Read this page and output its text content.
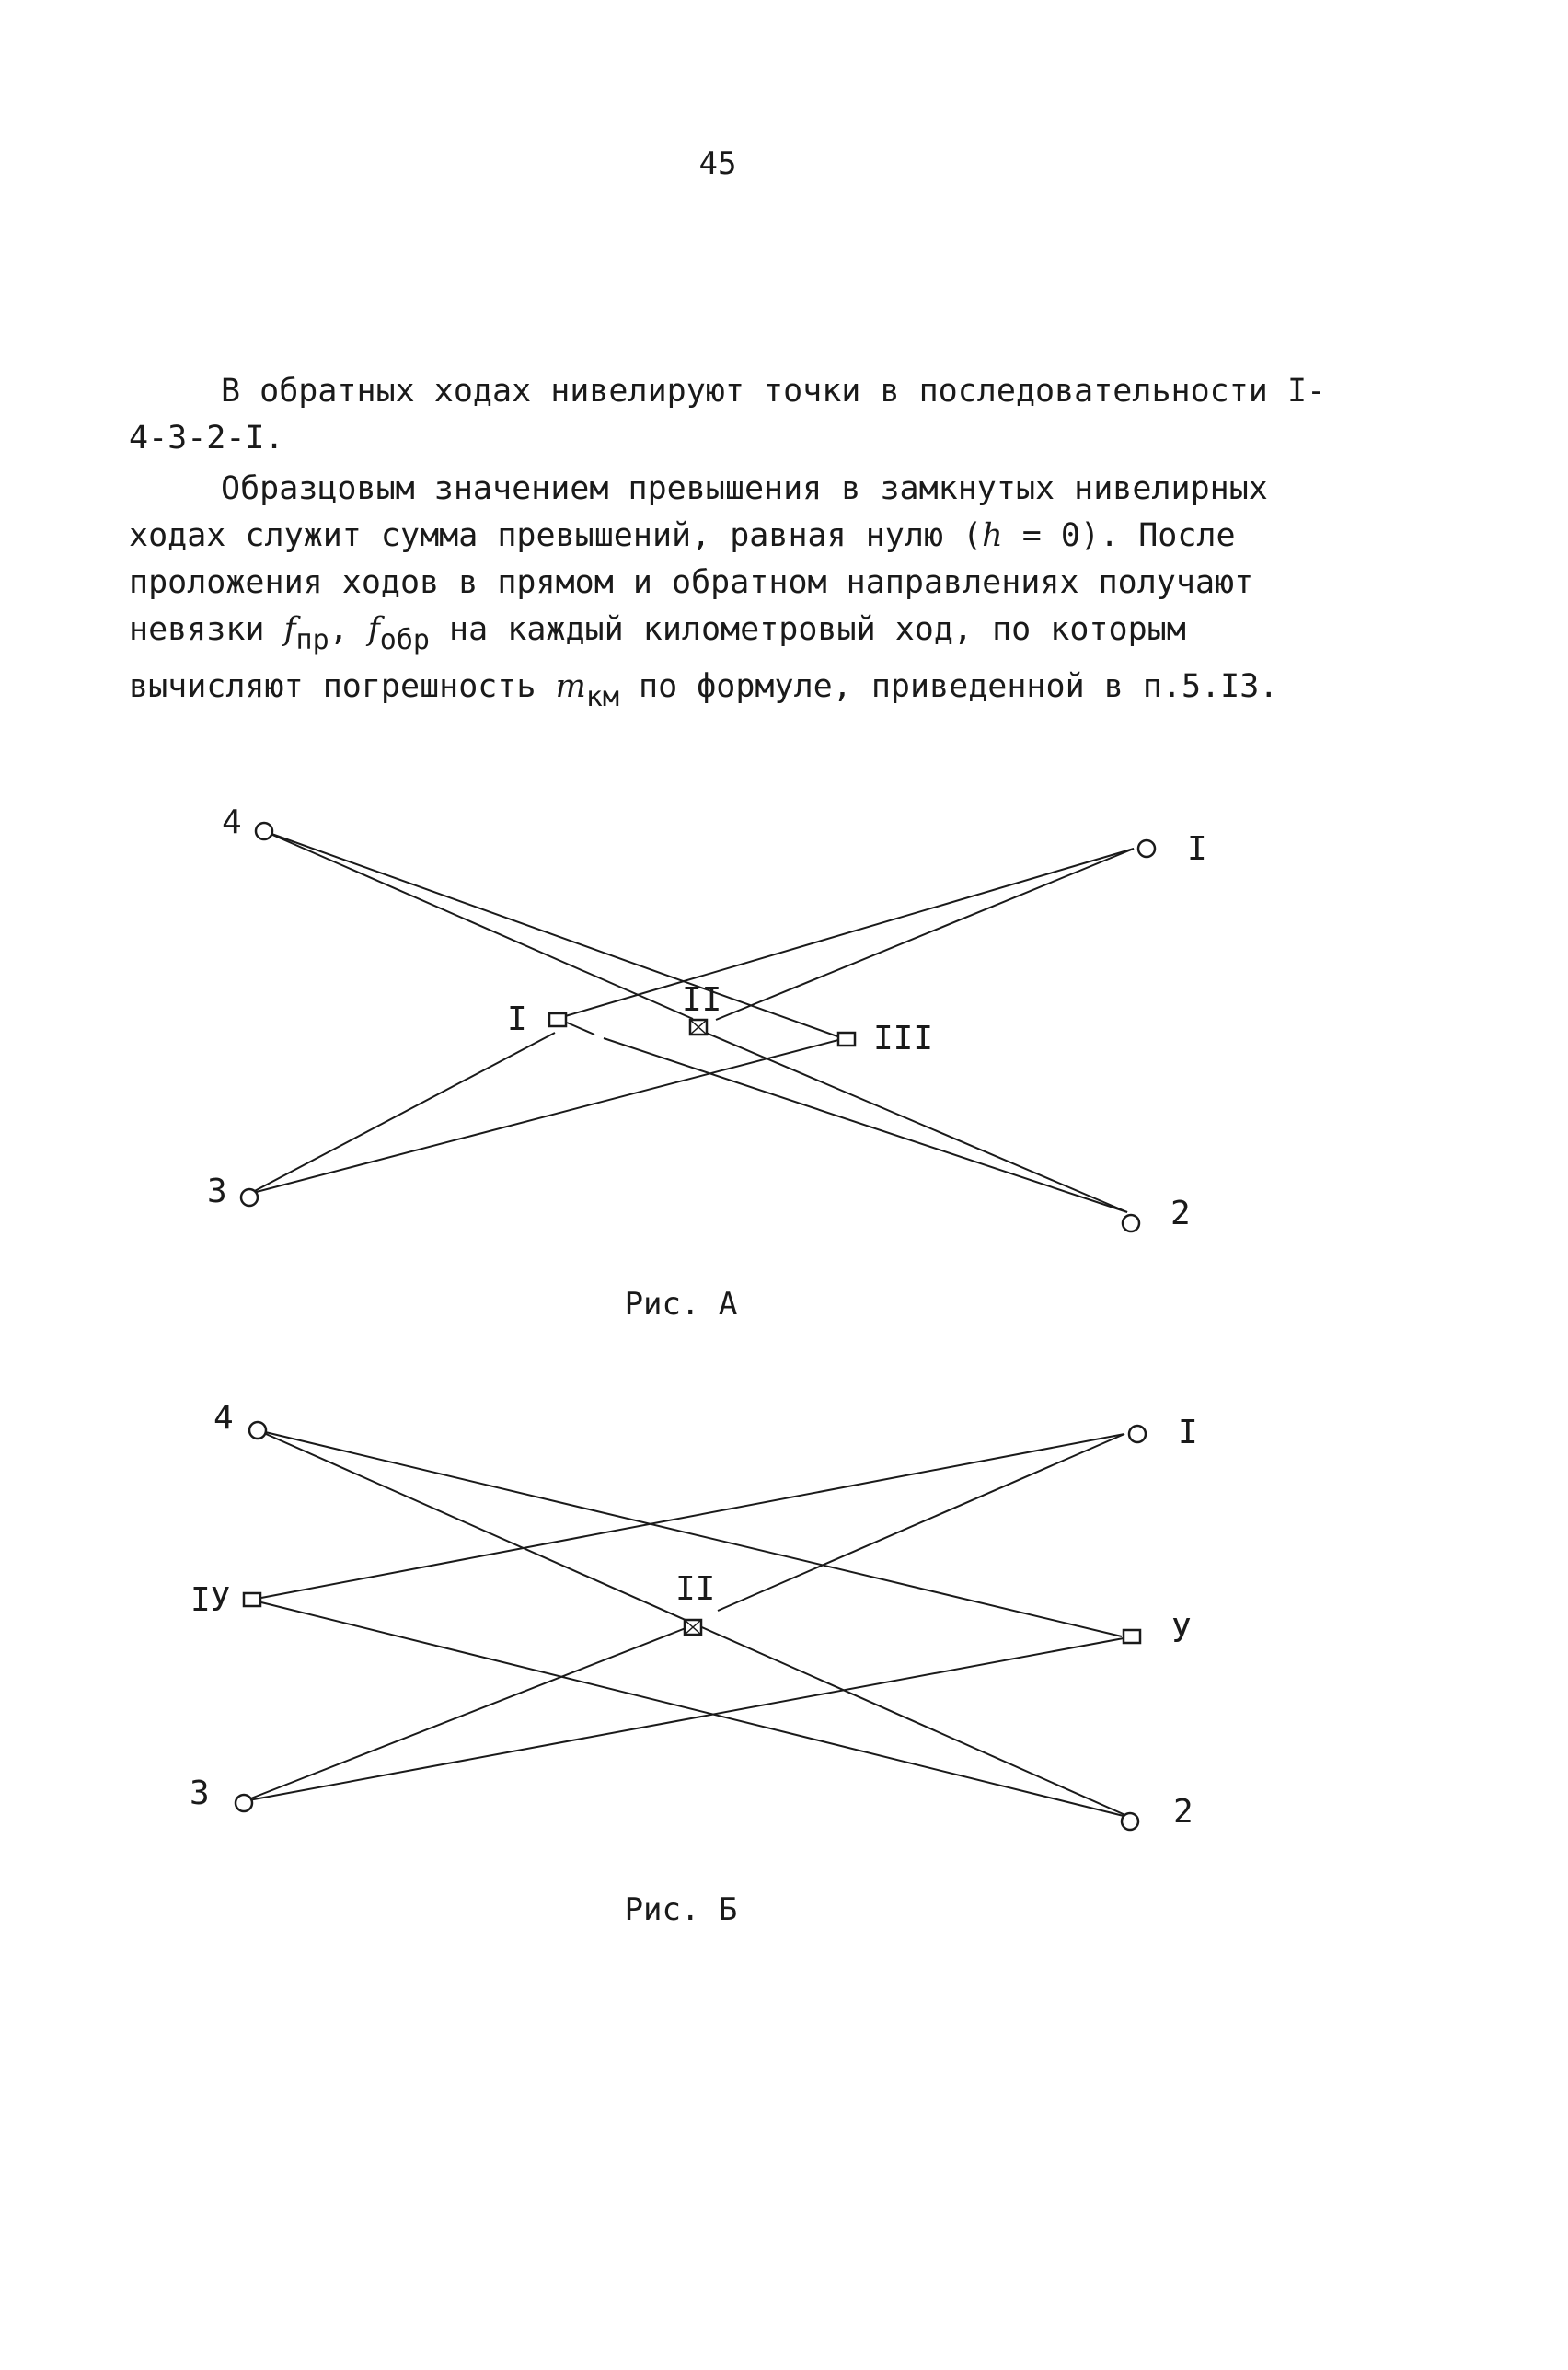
45

В обратных ходах нивелируют точки в последовательности I-4-3-2-I.

Образцовым значением превышения в замкнутых нивелирных ходах служит сумма превышений, равная нулю (h = 0). После проложения ходов в прямом и обратном направлениях получают невязки fпр, fобр на каждый километровый ход, по которым вычисляют погрешность mкм по формуле, приведенной в п.5.I3.

4
I
3
2
I
II
III
Рис. А
4	I
3	2
IУ	II
У
Рис. Б
